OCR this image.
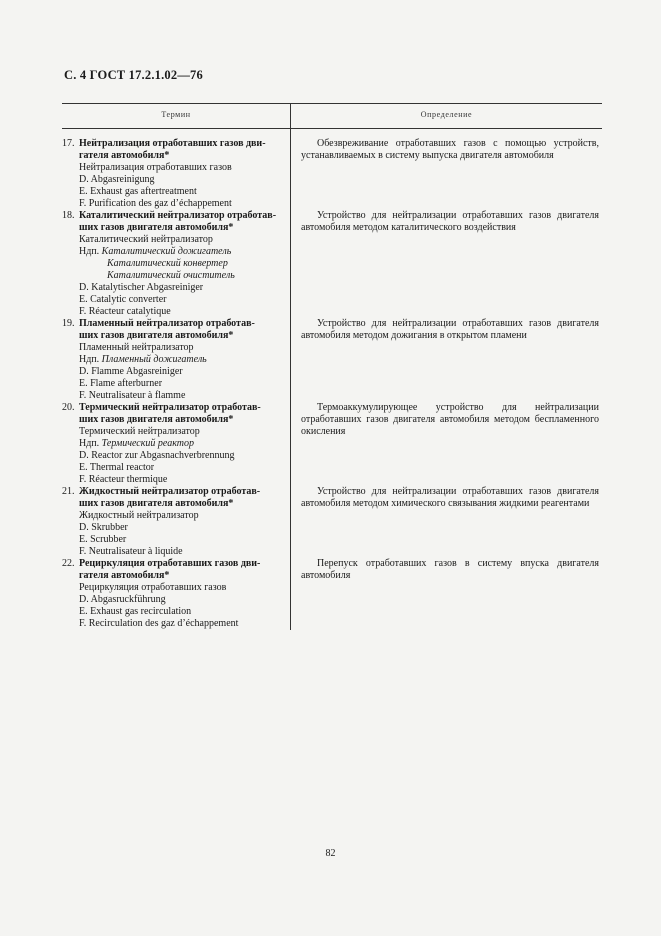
С. 4 ГОСТ 17.2.1.02—76
Термин	Определение
17. Нейтрализация отработавших газов дви-
гателя автомобиля*
Нейтрализация отработавших газов
D. Abgasreinigung
E. Exhaust gas aftertreatment
F. Purification des gaz d’échappement
Обезвреживание отработавших газов с помощью устройств, устанавливаемых в систему выпуска двигателя автомобиля
18. Каталитический нейтрализатор отработав-
ших газов двигателя автомобиля*
Каталитический нейтрализатор
Ндп. Каталитический дожигатель
Каталитический конвертер
Каталитический очиститель
D. Katalytischer Abgasreiniger
E. Catalytic converter
F. Réacteur catalytique
Устройство для нейтрализации отработавших газов двигателя автомобиля методом каталитического воздействия
19. Пламенный нейтрализатор отработав-
ших газов двигателя автомобиля*
Пламенный нейтрализатор
Ндп. Пламенный дожигатель
D. Flamme Abgasreiniger
E. Flame afterburner
F. Neutralisateur à flamme
Устройство для нейтрализации отработавших газов двигателя автомобиля методом дожигания в открытом пламени
20. Термический нейтрализатор отработав-
ших газов двигателя автомобиля*
Термический нейтрализатор
Ндп. Термический реактор
D. Reactor zur Abgasnachverbrennung
E. Thermal reactor
F. Réacteur thermique
Термоаккумулирующее устройство для нейтрализации отработавших газов двигателя автомобиля методом беспламенного окисления
21. Жидкостный нейтрализатор отработав-
ших газов двигателя автомобиля*
Жидкостный нейтрализатор
D. Skrubber
E. Scrubber
F. Neutralisateur à liquide
Устройство для нейтрализации отработавших газов двигателя автомобиля методом химического связывания жидкими реагентами
22. Рециркуляция отработавших газов дви-
гателя автомобиля*
Рециркуляция отработавших газов
D. Abgasruckführung
E. Exhaust gas recirculation
F. Recirculation des gaz d’échappement
Перепуск отработавших газов в систему впуска двигателя автомобиля
82
